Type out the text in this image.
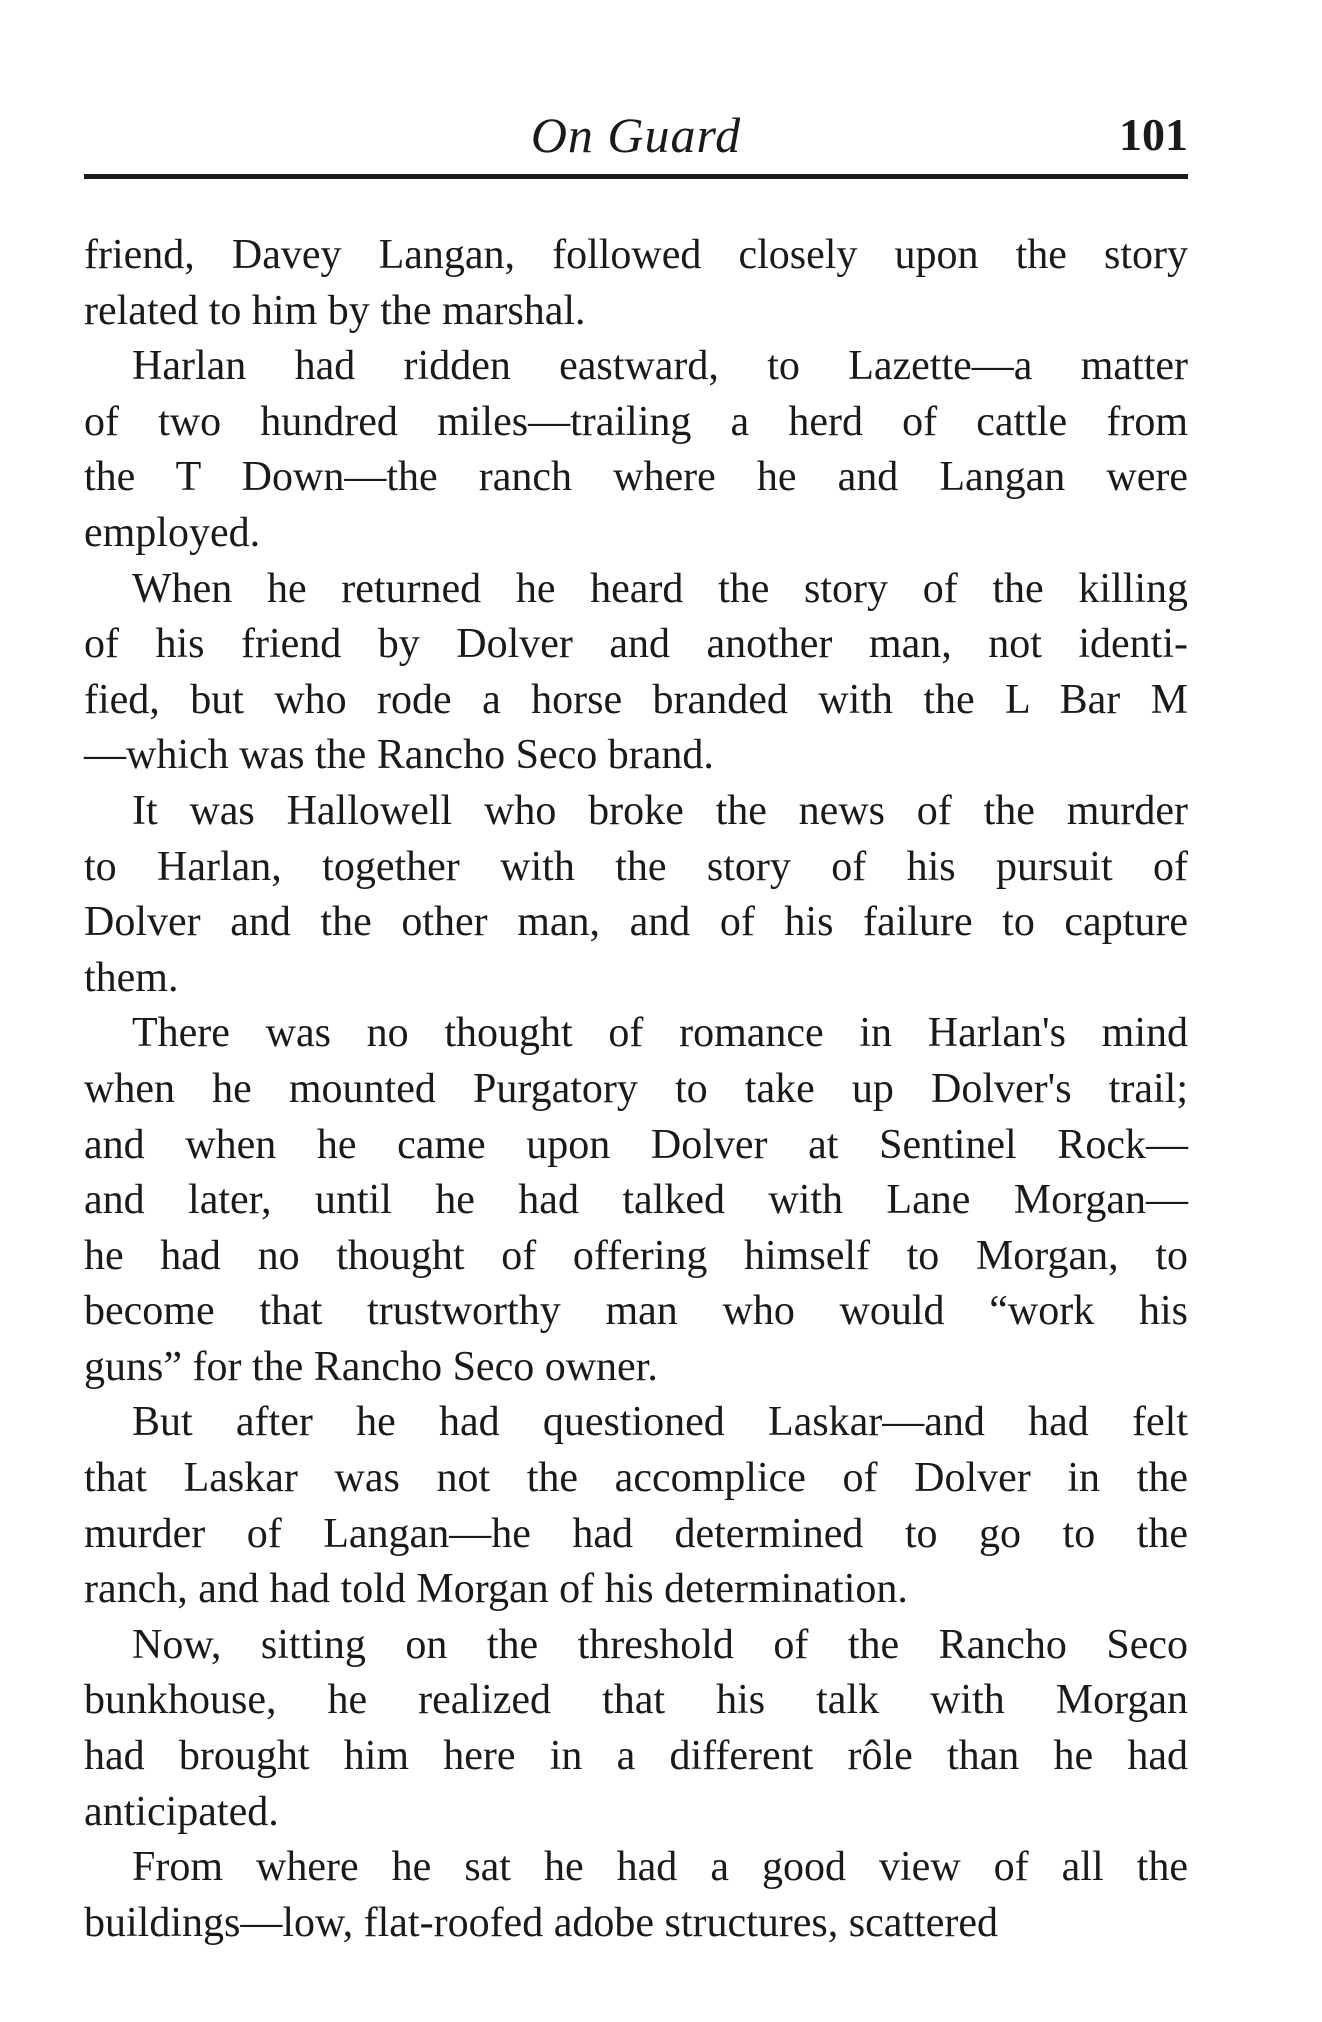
On Guard	101
friend, Davey Langan, followed closely upon the story
related to him by the marshal.
Harlan had ridden eastward, to Lazette—a matter
of two hundred miles—trailing a herd of cattle from
the T Down—the ranch where he and Langan were
employed.
When he returned he heard the story of the killing
of his friend by Dolver and another man, not identi-
fied, but who rode a horse branded with the L Bar M
—which was the Rancho Seco brand.
It was Hallowell who broke the news of the murder
to Harlan, together with the story of his pursuit of
Dolver and the other man, and of his failure to capture
them.
There was no thought of romance in Harlan's mind
when he mounted Purgatory to take up Dolver's trail;
and when he came upon Dolver at Sentinel Rock—
and later, until he had talked with Lane Morgan—
he had no thought of offering himself to Morgan, to
become that trustworthy man who would “work his
guns” for the Rancho Seco owner.
But after he had questioned Laskar—and had felt
that Laskar was not the accomplice of Dolver in the
murder of Langan—he had determined to go to the
ranch, and had told Morgan of his determination.
Now, sitting on the threshold of the Rancho Seco
bunkhouse, he realized that his talk with Morgan
had brought him here in a different rôle than he had
anticipated.
From where he sat he had a good view of all the
buildings—low, flat-roofed adobe structures, scattered
